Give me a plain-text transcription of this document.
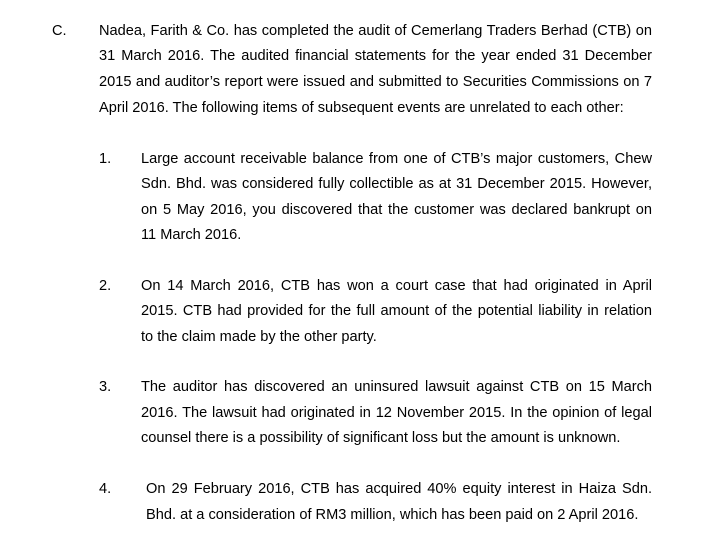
C. Nadea, Farith & Co. has completed the audit of Cemerlang Traders Berhad (CTB) on
31 March 2016. The audited financial statements for the year ended 31 December
2015 and auditor’s report were issued and submitted to Securities Commissions on 7
April 2016. The following items of subsequent events are unrelated to each other:
1. Large account receivable balance from one of CTB’s major customers, Chew
Sdn. Bhd. was considered fully collectible as at 31 December 2015. However,
on 5 May 2016, you discovered that the customer was declared bankrupt on
11 March 2016.
2. On 14 March 2016, CTB has won a court case that had originated in April
2015. CTB had provided for the full amount of the potential liability in relation
to the claim made by the other party.
3. The auditor has discovered an uninsured lawsuit against CTB on 15 March
2016. The lawsuit had originated in 12 November 2015. In the opinion of legal
counsel there is a possibility of significant loss but the amount is unknown.
4. On 29 February 2016, CTB has acquired 40% equity interest in Haiza Sdn.
Bhd. at a consideration of RM3 million, which has been paid on 2 April 2016.
